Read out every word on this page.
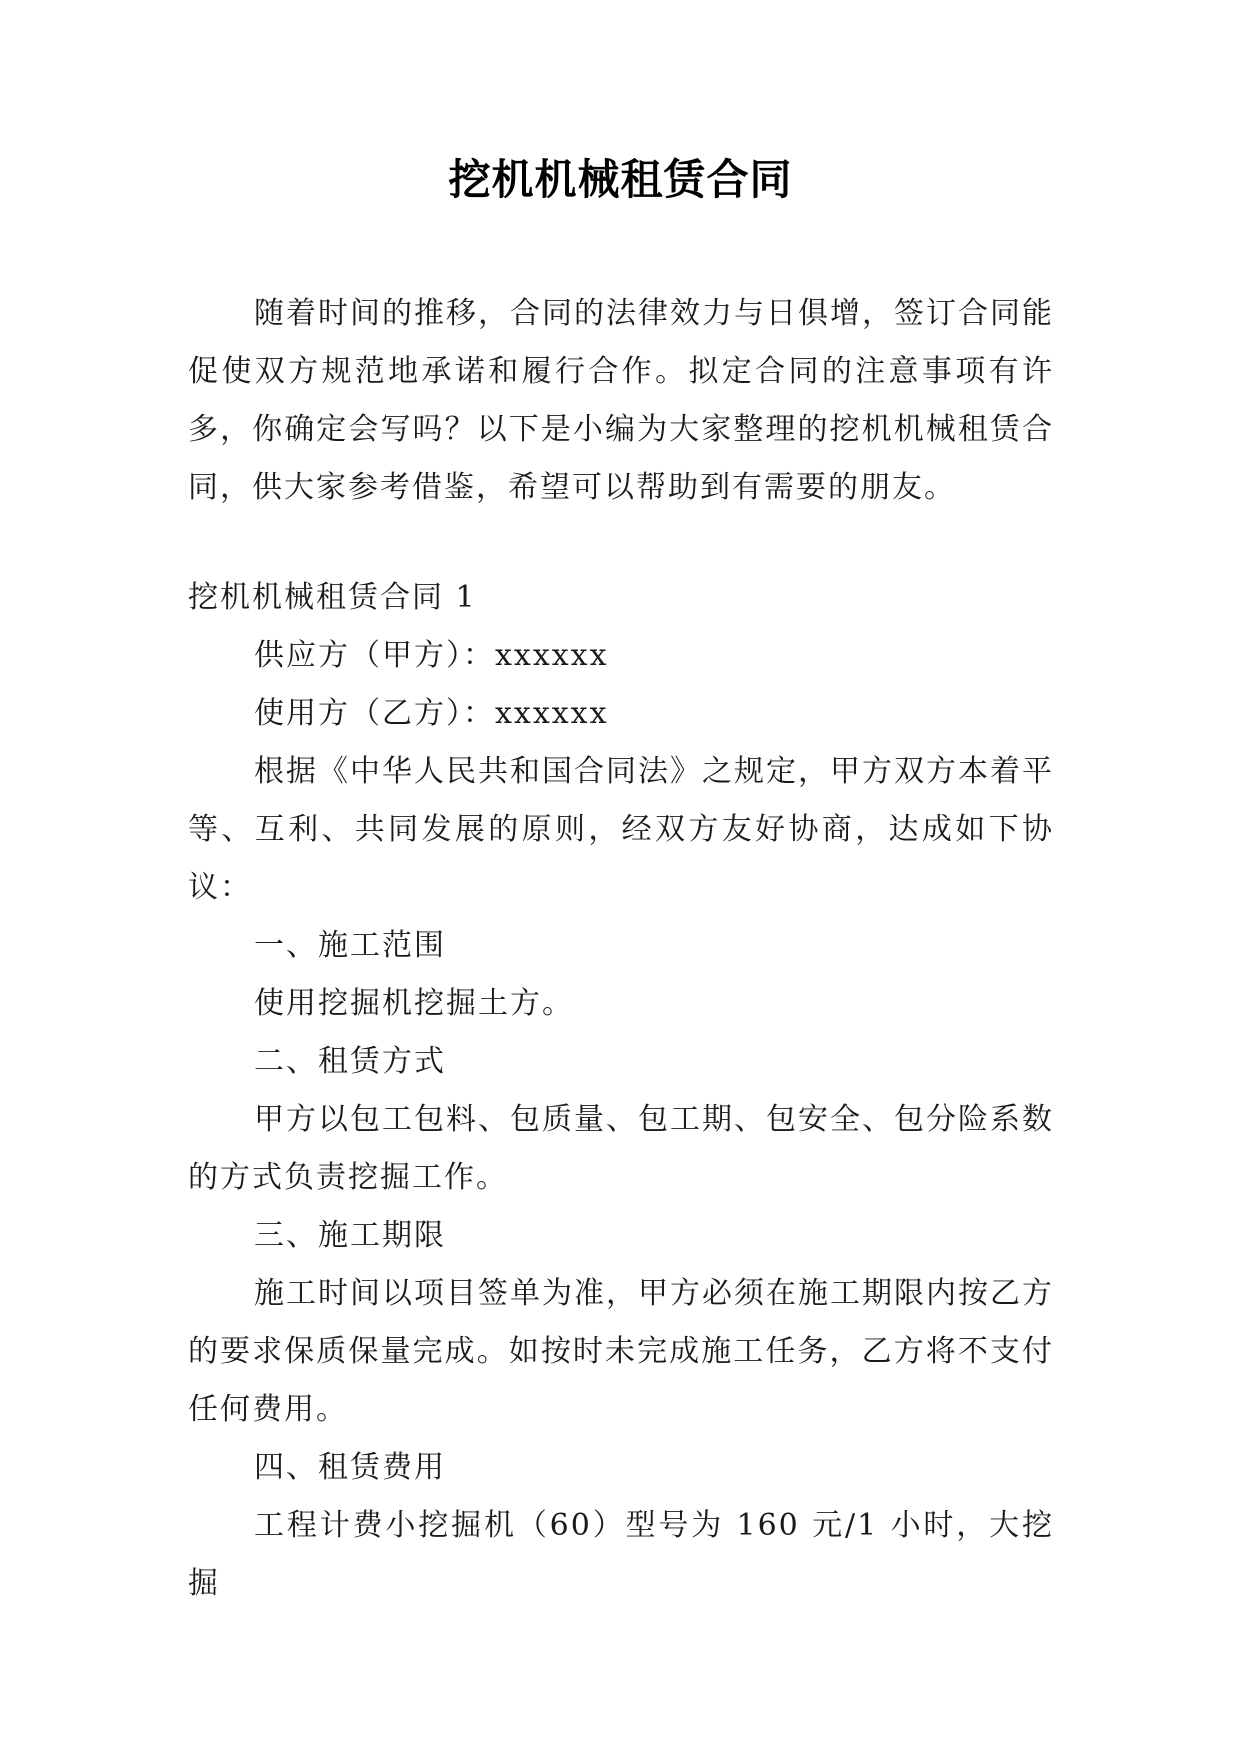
挖机机械租赁合同

随着时间的推移，合同的法律效力与日俱增，签订合同能促使双方规范地承诺和履行合作。拟定合同的注意事项有许多，你确定会写吗？以下是小编为大家整理的挖机机械租赁合同，供大家参考借鉴，希望可以帮助到有需要的朋友。

挖机机械租赁合同 1

供应方（甲方）：xxxxxx

使用方（乙方）：xxxxxx

根据《中华人民共和国合同法》之规定，甲方双方本着平等、互利、共同发展的原则，经双方友好协商，达成如下协议：

一、施工范围

使用挖掘机挖掘土方。

二、租赁方式

甲方以包工包料、包质量、包工期、包安全、包分险系数的方式负责挖掘工作。

三、施工期限

施工时间以项目签单为准，甲方必须在施工期限内按乙方的要求保质保量完成。如按时未完成施工任务，乙方将不支付任何费用。

四、租赁费用

工程计费小挖掘机（60）型号为 160 元/1 小时，大挖掘
